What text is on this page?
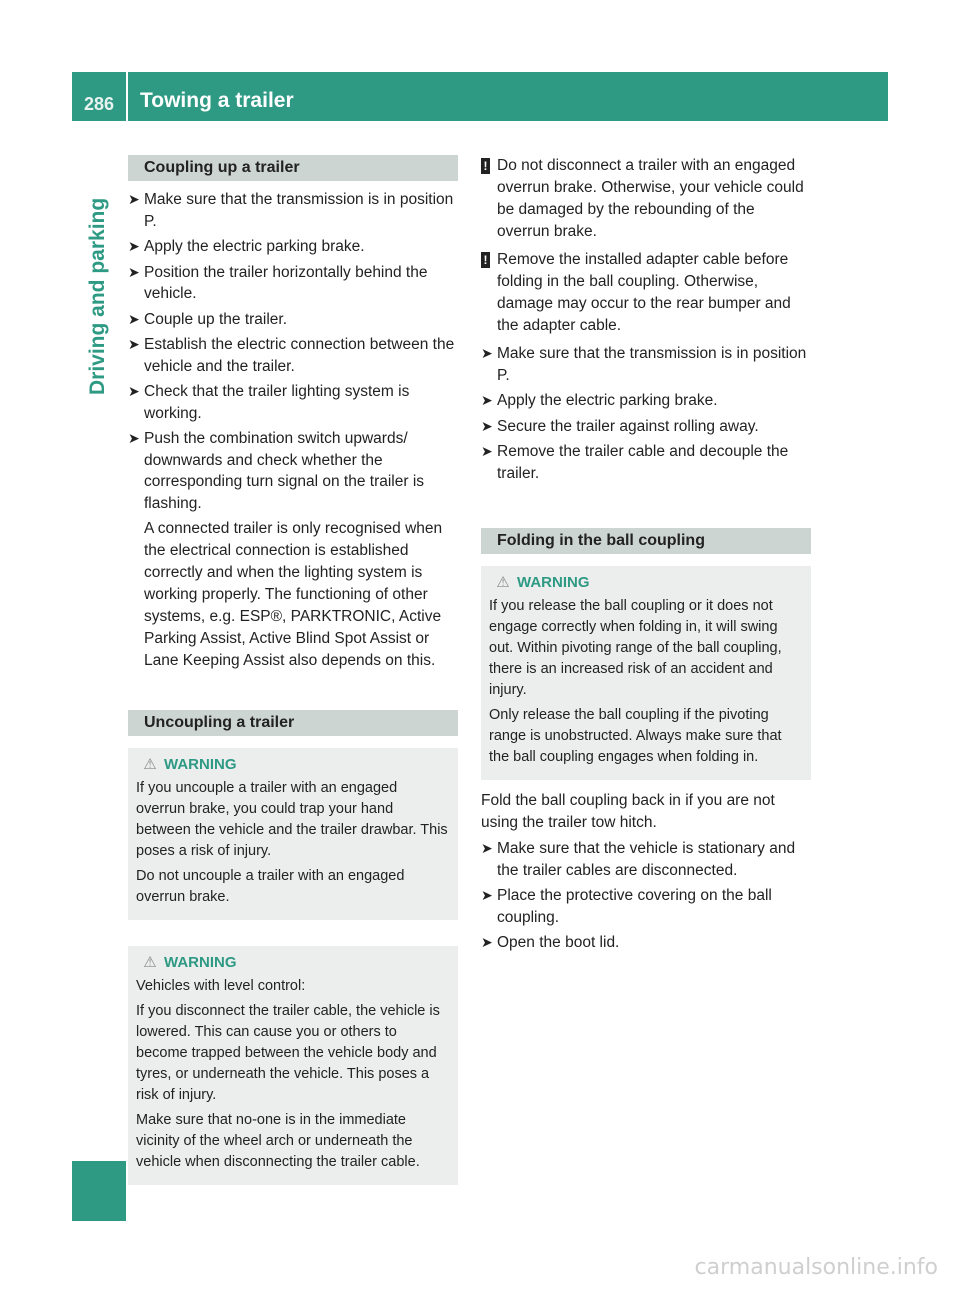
286 Towing a trailer
Driving and parking
Coupling up a trailer
➤ Make sure that the transmission is in position P.
➤ Apply the electric parking brake.
➤ Position the trailer horizontally behind the vehicle.
➤ Couple up the trailer.
➤ Establish the electric connection between the vehicle and the trailer.
➤ Check that the trailer lighting system is working.
➤ Push the combination switch upwards/ downwards and check whether the corresponding turn signal on the trailer is flashing.
A connected trailer is only recognised when the electrical connection is established correctly and when the lighting system is working properly. The functioning of other systems, e.g. ESP®, PARKTRONIC, Active Parking Assist, Active Blind Spot Assist or Lane Keeping Assist also depends on this.
Uncoupling a trailer
⚠ WARNING
If you uncouple a trailer with an engaged overrun brake, you could trap your hand between the vehicle and the trailer drawbar. This poses a risk of injury.
Do not uncouple a trailer with an engaged overrun brake.
⚠ WARNING
Vehicles with level control:
If you disconnect the trailer cable, the vehicle is lowered. This can cause you or others to become trapped between the vehicle body and tyres, or underneath the vehicle. This poses a risk of injury.
Make sure that no-one is in the immediate vicinity of the wheel arch or underneath the vehicle when disconnecting the trailer cable.
! Do not disconnect a trailer with an engaged overrun brake. Otherwise, your vehicle could be damaged by the rebounding of the overrun brake.
! Remove the installed adapter cable before folding in the ball coupling. Otherwise, damage may occur to the rear bumper and the adapter cable.
➤ Make sure that the transmission is in position P.
➤ Apply the electric parking brake.
➤ Secure the trailer against rolling away.
➤ Remove the trailer cable and decouple the trailer.
Folding in the ball coupling
⚠ WARNING
If you release the ball coupling or it does not engage correctly when folding in, it will swing out. Within pivoting range of the ball coupling, there is an increased risk of an accident and injury.
Only release the ball coupling if the pivoting range is unobstructed. Always make sure that the ball coupling engages when folding in.
Fold the ball coupling back in if you are not using the trailer tow hitch.
➤ Make sure that the vehicle is stationary and the trailer cables are disconnected.
➤ Place the protective covering on the ball coupling.
➤ Open the boot lid.
carmanualsonline.info
